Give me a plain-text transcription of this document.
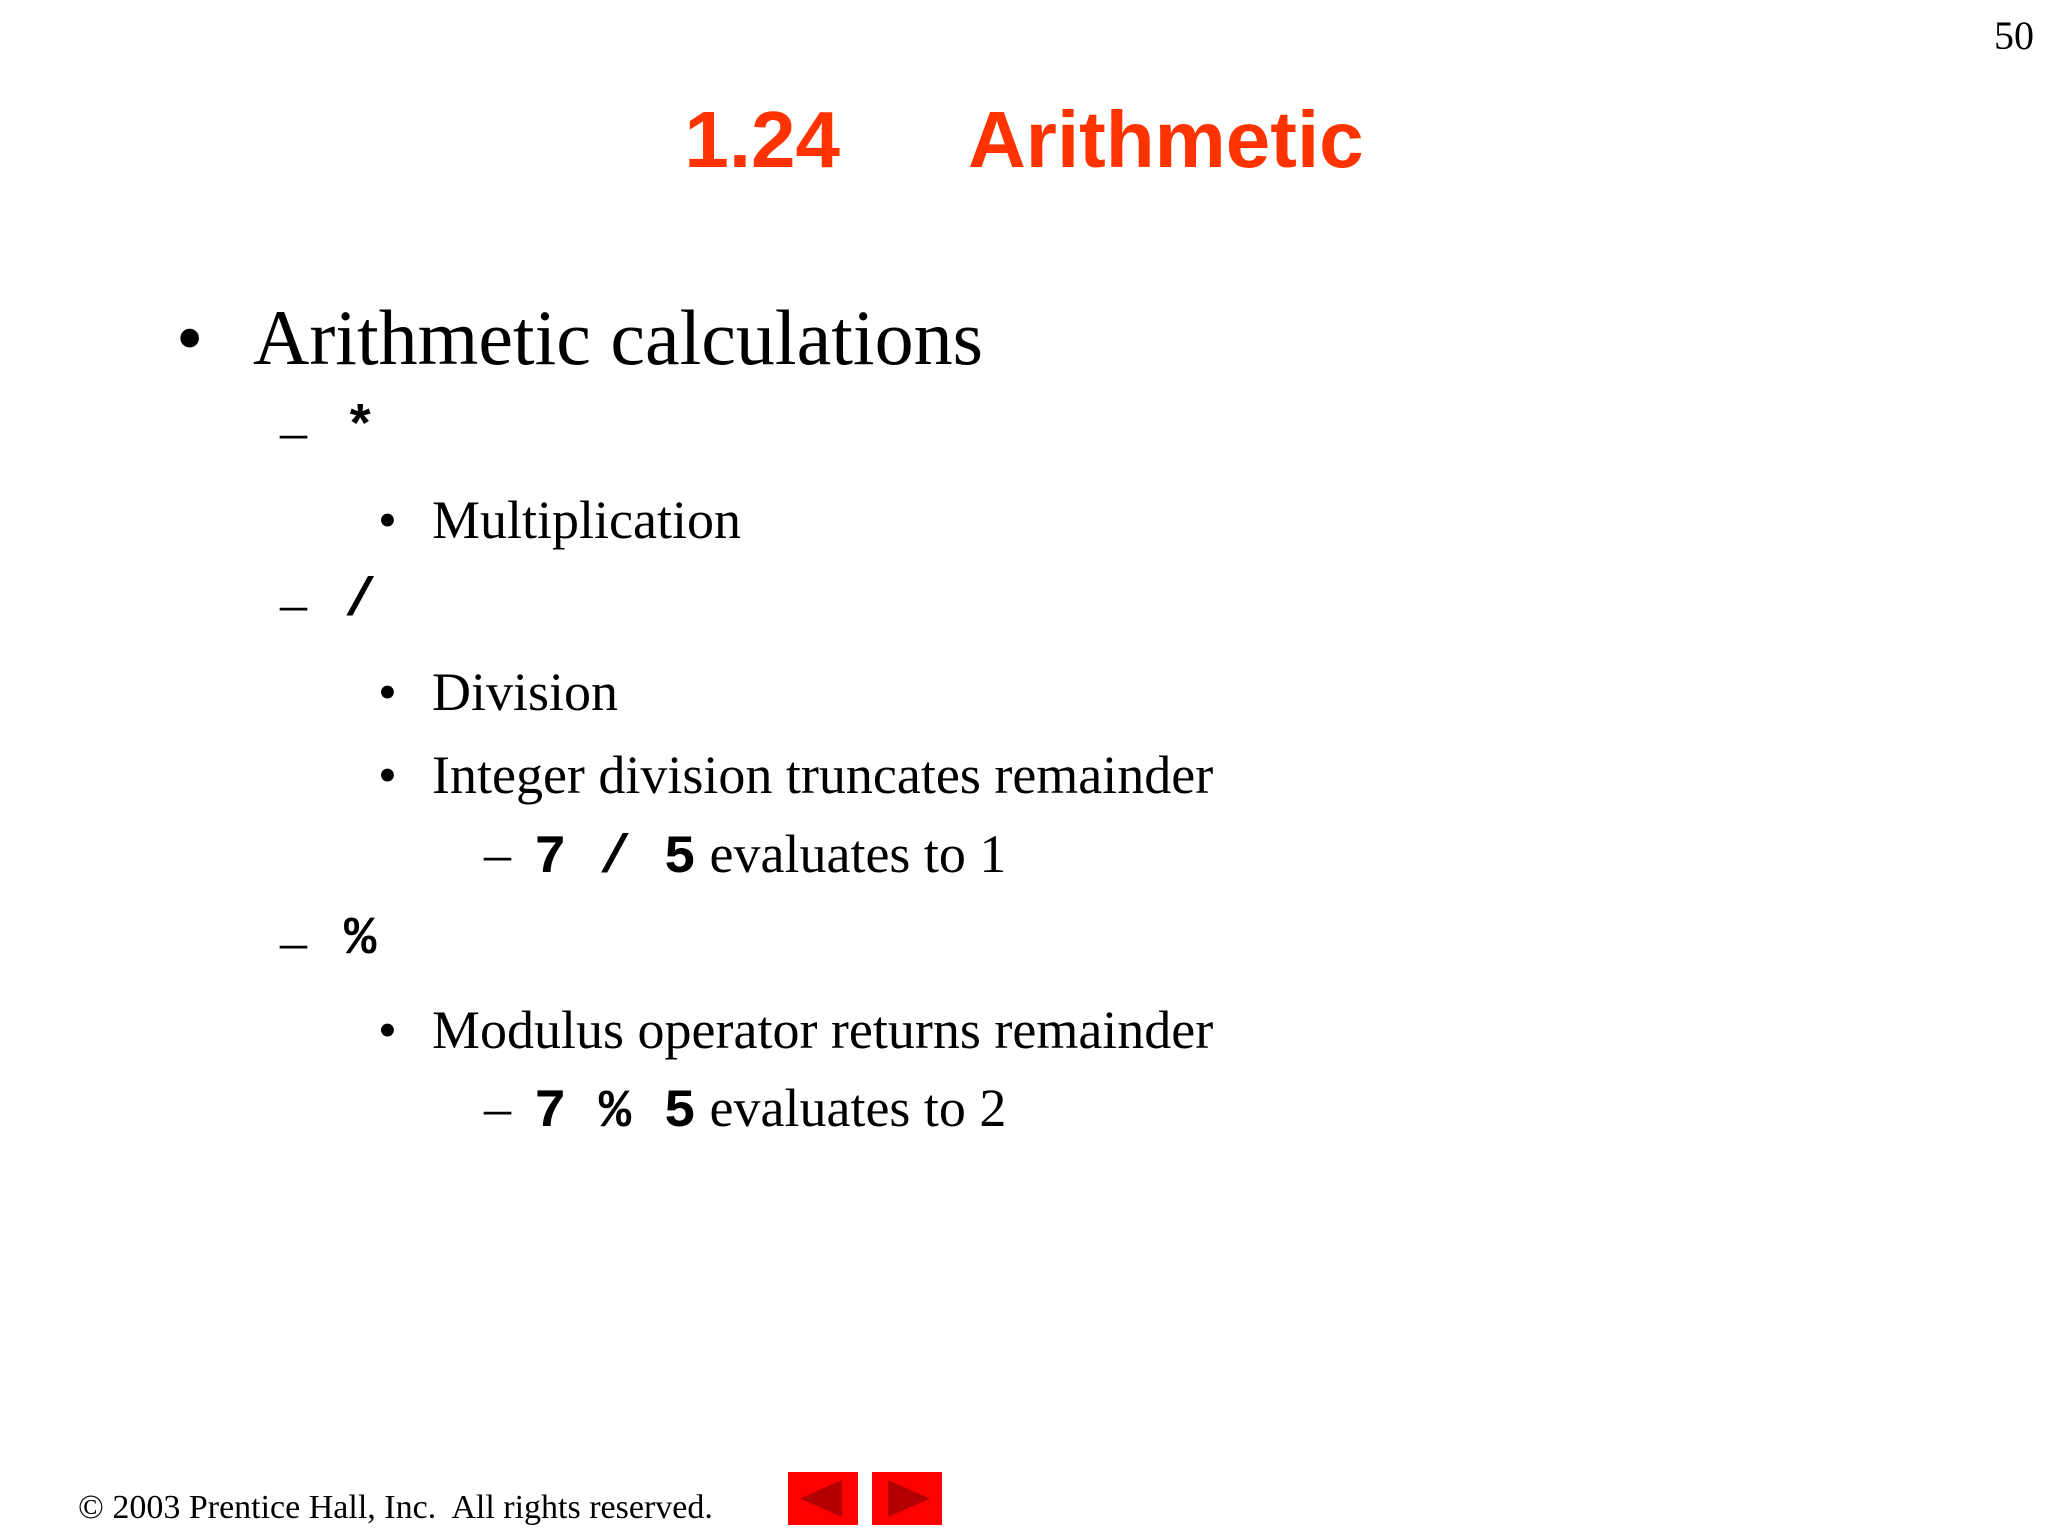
50
1.24 Arithmetic
• Arithmetic calculations
– *
• Multiplication
– /
• Division
• Integer division truncates remainder
– 7 / 5 evaluates to 1
– %
• Modulus operator returns remainder
– 7 % 5 evaluates to 2
© 2003 Prentice Hall, Inc.  All rights reserved.
